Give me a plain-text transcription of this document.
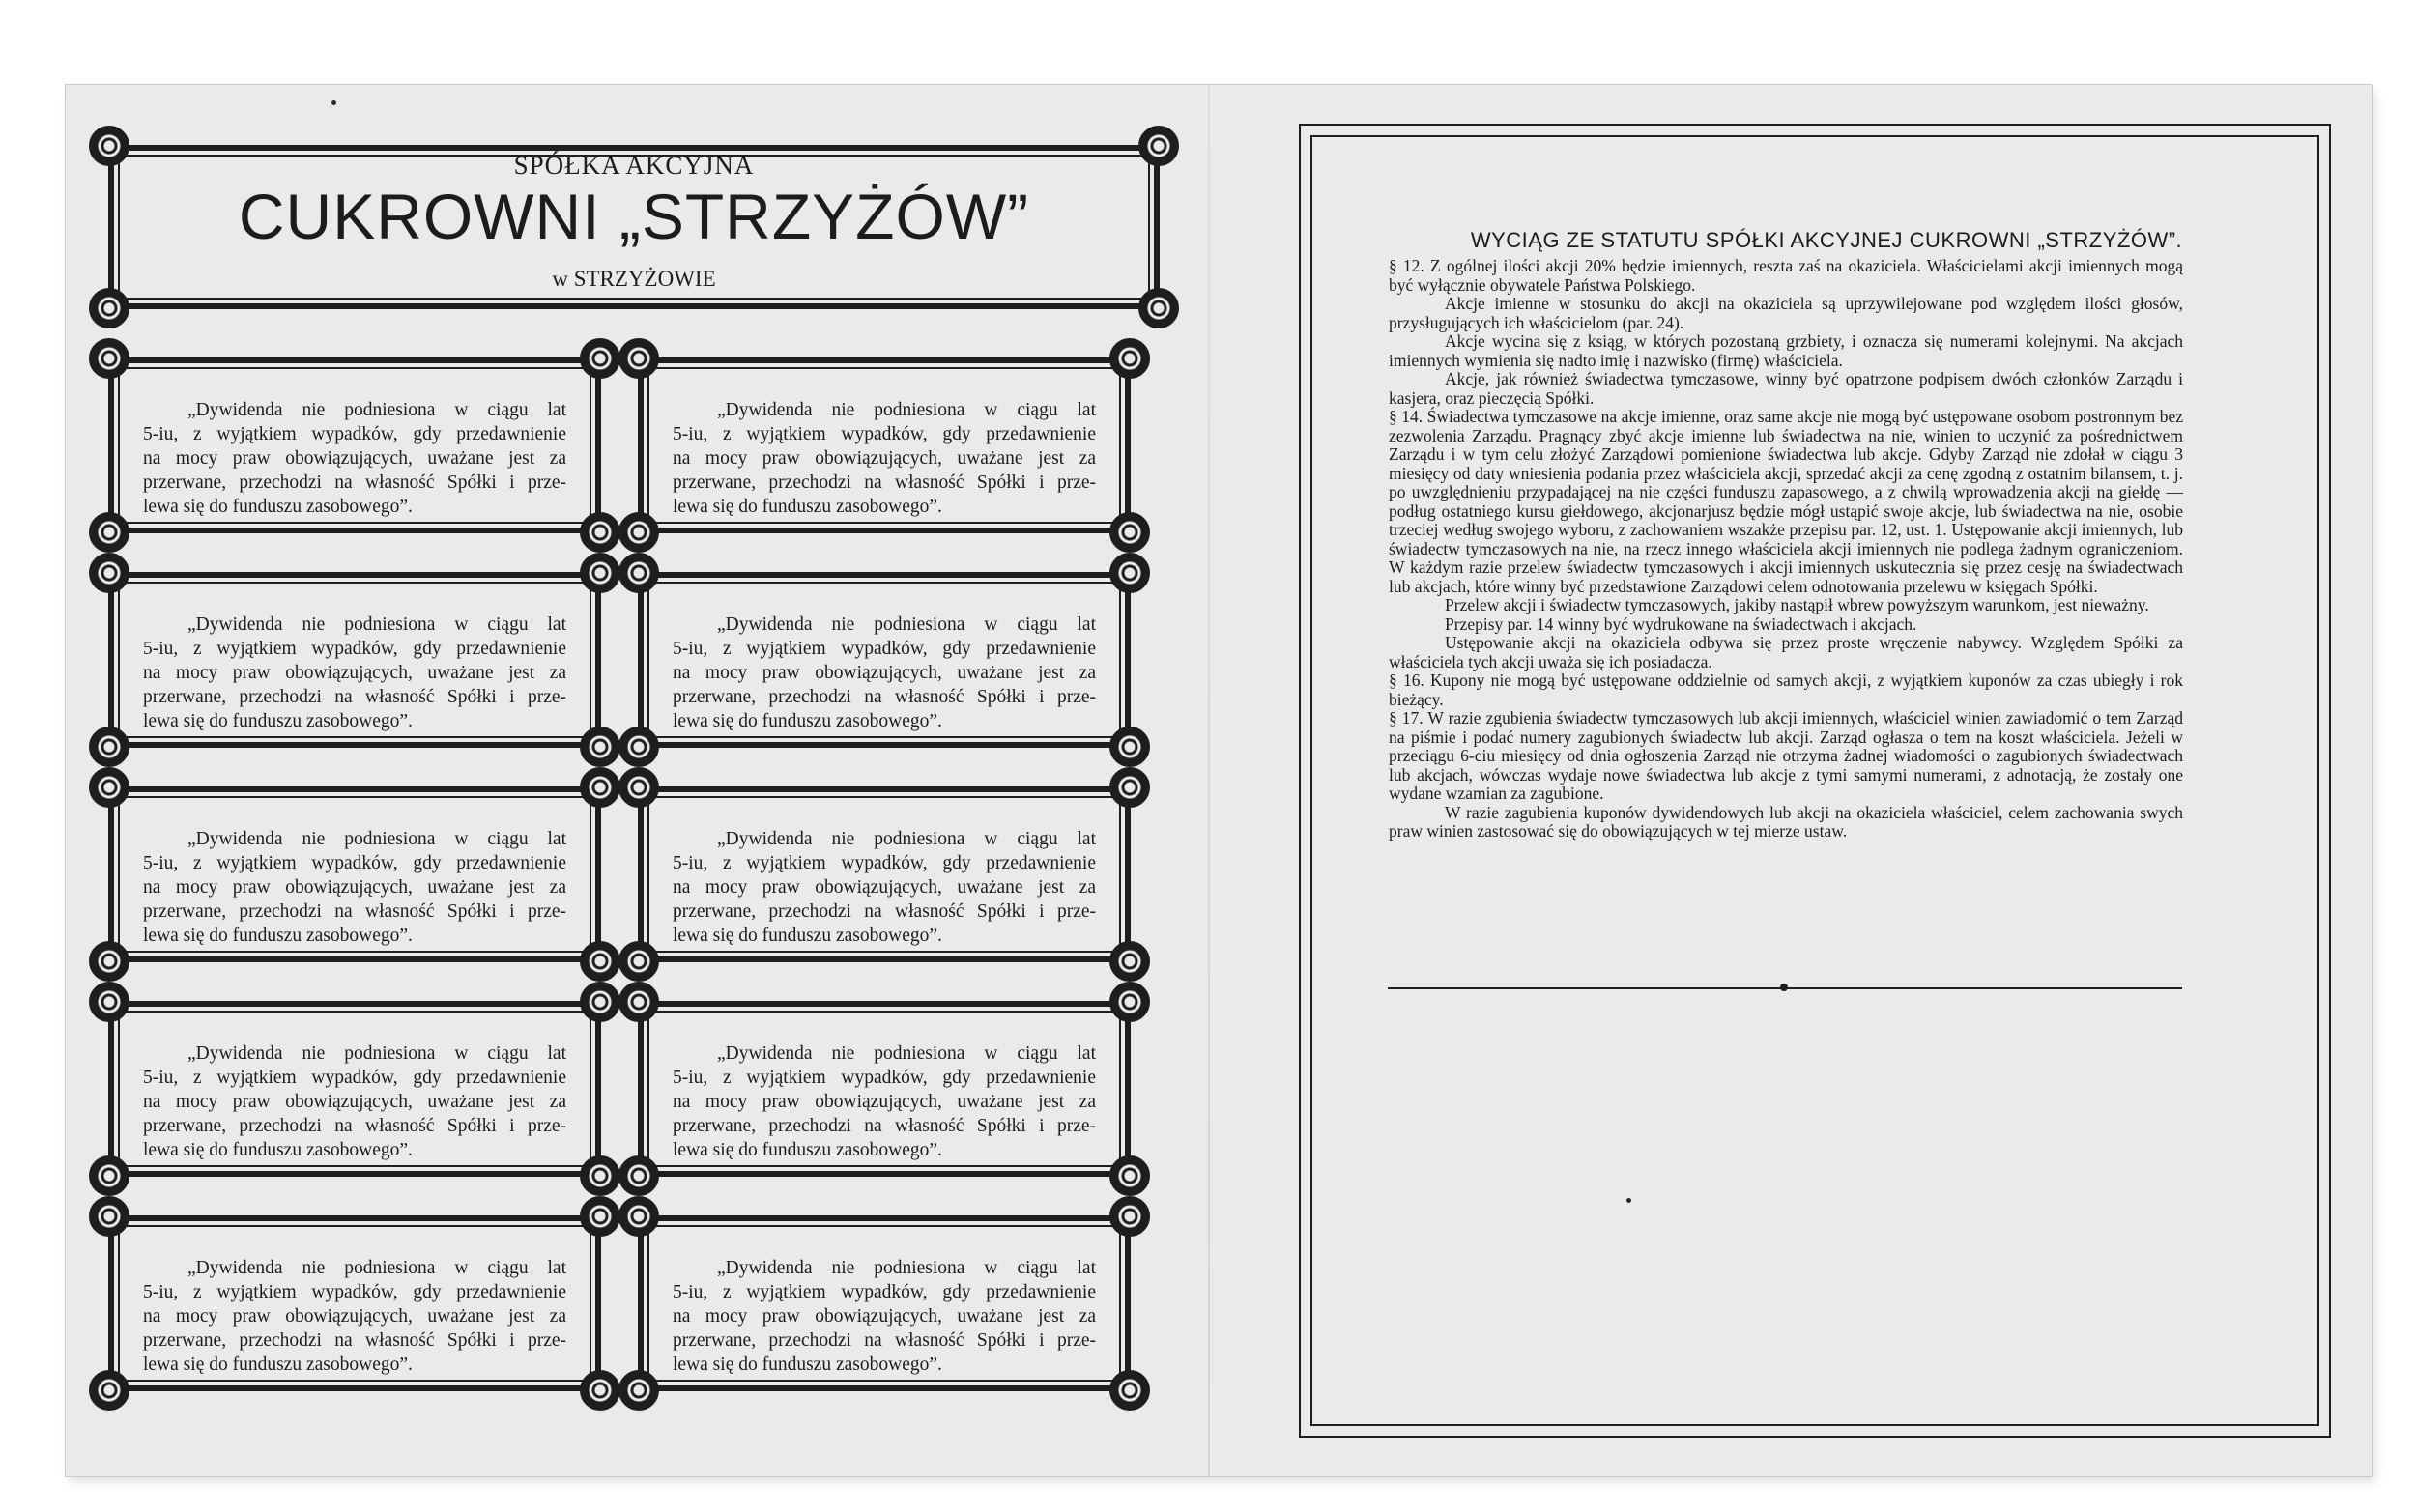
SPÓŁKA AKCYJNA
CUKROWNI „STRZYŻÓW”
w STRZYŻOWIE
„Dywidenda nie podniesiona w ciągu lat
5-iu, z wyjątkiem wypadków, gdy przedawnienie
na mocy praw obowiązujących, uważane jest za
przerwane, przechodzi na własność Spółki i prze-
lewa się do funduszu zasobowego”.
„Dywidenda nie podniesiona w ciągu lat
5-iu, z wyjątkiem wypadków, gdy przedawnienie
na mocy praw obowiązujących, uważane jest za
przerwane, przechodzi na własność Spółki i prze-
lewa się do funduszu zasobowego”.
„Dywidenda nie podniesiona w ciągu lat
5-iu, z wyjątkiem wypadków, gdy przedawnienie
na mocy praw obowiązujących, uważane jest za
przerwane, przechodzi na własność Spółki i prze-
lewa się do funduszu zasobowego”.
„Dywidenda nie podniesiona w ciągu lat
5-iu, z wyjątkiem wypadków, gdy przedawnienie
na mocy praw obowiązujących, uważane jest za
przerwane, przechodzi na własność Spółki i prze-
lewa się do funduszu zasobowego”.
„Dywidenda nie podniesiona w ciągu lat
5-iu, z wyjątkiem wypadków, gdy przedawnienie
na mocy praw obowiązujących, uważane jest za
przerwane, przechodzi na własność Spółki i prze-
lewa się do funduszu zasobowego”.
„Dywidenda nie podniesiona w ciągu lat
5-iu, z wyjątkiem wypadków, gdy przedawnienie
na mocy praw obowiązujących, uważane jest za
przerwane, przechodzi na własność Spółki i prze-
lewa się do funduszu zasobowego”.
„Dywidenda nie podniesiona w ciągu lat
5-iu, z wyjątkiem wypadków, gdy przedawnienie
na mocy praw obowiązujących, uważane jest za
przerwane, przechodzi na własność Spółki i prze-
lewa się do funduszu zasobowego”.
„Dywidenda nie podniesiona w ciągu lat
5-iu, z wyjątkiem wypadków, gdy przedawnienie
na mocy praw obowiązujących, uważane jest za
przerwane, przechodzi na własność Spółki i prze-
lewa się do funduszu zasobowego”.
„Dywidenda nie podniesiona w ciągu lat
5-iu, z wyjątkiem wypadków, gdy przedawnienie
na mocy praw obowiązujących, uważane jest za
przerwane, przechodzi na własność Spółki i prze-
lewa się do funduszu zasobowego”.
„Dywidenda nie podniesiona w ciągu lat
5-iu, z wyjątkiem wypadków, gdy przedawnienie
na mocy praw obowiązujących, uważane jest za
przerwane, przechodzi na własność Spółki i prze-
lewa się do funduszu zasobowego”.
WYCIĄG ZE STATUTU SPÓŁKI AKCYJNEJ CUKROWNI „STRZYŻÓW”.

§ 12. Z ogólnej ilości akcji 20% będzie imiennych, reszta zaś na okaziciela. Właścicielami akcji imiennych mogą być wyłącznie obywatele Państwa Polskiego.

Akcje imienne w stosunku do akcji na okaziciela są uprzywilejowane pod względem ilości głosów, przysługujących ich właścicielom (par. 24).

Akcje wycina się z ksiąg, w których pozostaną grzbiety, i oznacza się numerami kolejnymi. Na akcjach imiennych wymienia się nadto imię i nazwisko (firmę) właściciela.

Akcje, jak również świadectwa tymczasowe, winny być opatrzone podpisem dwóch członków Zarządu i kasjera, oraz pieczęcią Spółki.

§ 14. Świadectwa tymczasowe na akcje imienne, oraz same akcje nie mogą być ustępowane osobom postronnym bez zezwolenia Zarządu. Pragnący zbyć akcje imienne lub świadectwa na nie, winien to uczynić za pośrednictwem Zarządu i w tym celu złożyć Zarządowi pomienione świadectwa lub akcje. Gdyby Zarząd nie zdołał w ciągu 3 miesięcy od daty wniesienia podania przez właściciela akcji, sprzedać akcji za cenę zgodną z ostatnim bilansem, t. j. po uwzględnieniu przypadającej na nie części funduszu zapasowego, a z chwilą wprowadzenia akcji na giełdę — podług ostatniego kursu giełdowego, akcjonarjusz będzie mógł ustąpić swoje akcje, lub świadectwa na nie, osobie trzeciej według swojego wyboru, z zachowaniem wszakże przepisu par. 12, ust. 1. Ustępowanie akcji imiennych, lub świadectw tymczasowych na nie, na rzecz innego właściciela akcji imiennych nie podlega żadnym ograniczeniom. W każdym razie przelew świadectw tymczasowych i akcji imiennych uskutecznia się przez cesję na świadectwach lub akcjach, które winny być przedstawione Zarządowi celem odnotowania przelewu w księgach Spółki.

Przelew akcji i świadectw tymczasowych, jakiby nastąpił wbrew powyższym warunkom, jest nieważny.

Przepisy par. 14 winny być wydrukowane na świadectwach i akcjach.

Ustępowanie akcji na okaziciela odbywa się przez proste wręczenie nabywcy. Względem Spółki za właściciela tych akcji uważa się ich posiadacza.

§ 16. Kupony nie mogą być ustępowane oddzielnie od samych akcji, z wyjątkiem kuponów za czas ubiegły i rok bieżący.

§ 17. W razie zgubienia świadectw tymczasowych lub akcji imiennych, właściciel winien zawiadomić o tem Zarząd na piśmie i podać numery zagubionych świadectw lub akcji. Zarząd ogłasza o tem na koszt właściciela. Jeżeli w przeciągu 6-ciu miesięcy od dnia ogłoszenia Zarząd nie otrzyma żadnej wiadomości o zagubionych świadectwach lub akcjach, wówczas wydaje nowe świadectwa lub akcje z tymi samymi numerami, z adnotacją, że zostały one wydane wzamian za zagubione.

W razie zagubienia kuponów dywidendowych lub akcji na okaziciela właściciel, celem zachowania swych praw winien zastosować się do obowiązujących w tej mierze ustaw.
